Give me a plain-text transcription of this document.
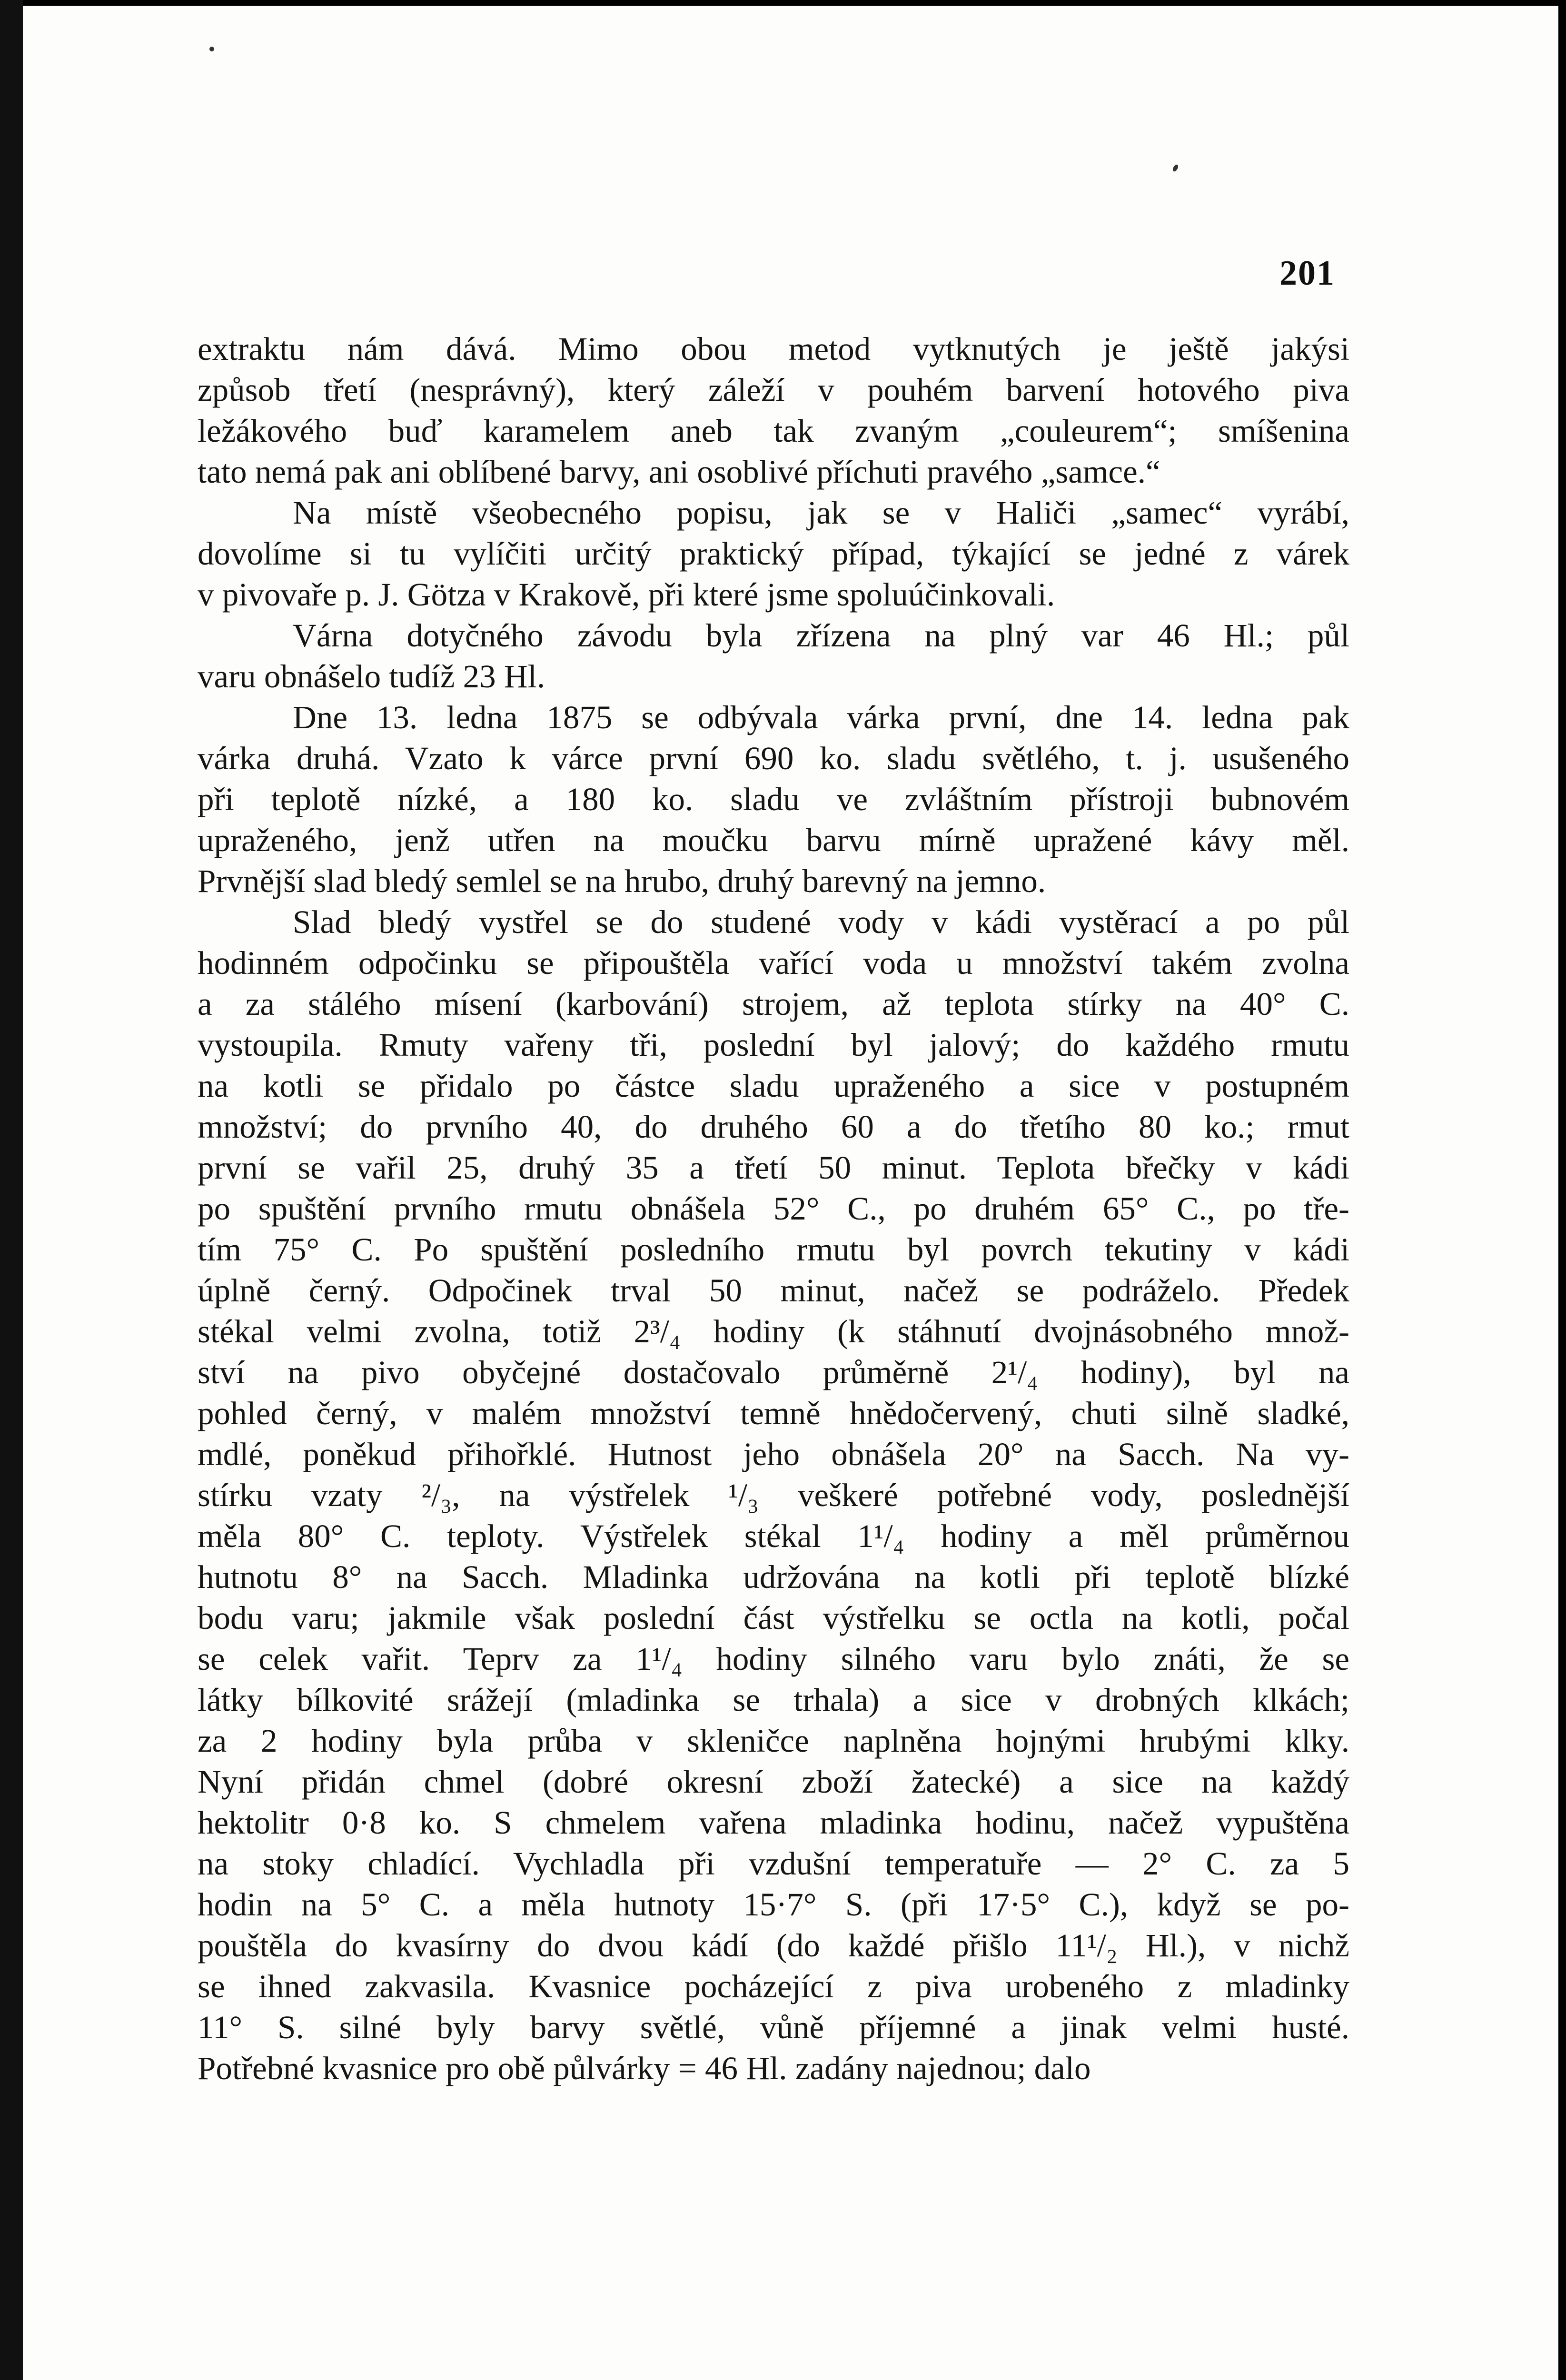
201
extraktu nám dává. Mimo obou metod vytknutých je ještě jakýsi
způsob třetí (nesprávný), který záleží v pouhém barvení hotového piva
ležákového buď karamelem aneb tak zvaným „couleurem“; smíšenina
tato nemá pak ani oblíbené barvy, ani osoblivé příchuti pravého „samce.“
Na místě všeobecného popisu, jak se v Haliči „samec“ vyrábí,
dovolíme si tu vylíčiti určitý praktický případ, týkající se jedné z várek
v pivovaře p. J. Götza v Krakově, při které jsme spoluúčinkovali.
Várna dotyčného závodu byla zřízena na plný var 46 Hl.; půl
varu obnášelo tudíž 23 Hl.
Dne 13. ledna 1875 se odbývala várka první, dne 14. ledna pak
várka druhá. Vzato k várce první 690 ko. sladu světlého, t. j. usušeného
při teplotě nízké, a 180 ko. sladu ve zvláštním přístroji bubnovém
upraženého, jenž utřen na moučku barvu mírně upražené kávy měl.
Prvnější slad bledý semlel se na hrubo, druhý barevný na jemno.
Slad bledý vystřel se do studené vody v kádi vystěrací a po půl
hodinném odpočinku se připouštěla vařící voda u množství takém zvolna
a za stálého mísení (karbování) strojem, až teplota stírky na 40° C.
vystoupila. Rmuty vařeny tři, poslední byl jalový; do každého rmutu
na kotli se přidalo po částce sladu upraženého a sice v postupném
množství; do prvního 40, do druhého 60 a do třetího 80 ko.; rmut
první se vařil 25, druhý 35 a třetí 50 minut. Teplota břečky v kádi
po spuštění prvního rmutu obnášela 52° C., po druhém 65° C., po tře-
tím 75° C. Po spuštění posledního rmutu byl povrch tekutiny v kádi
úplně černý. Odpočinek trval 50 minut, načež se podráželo. Předek
stékal velmi zvolna, totiž 2³/₄ hodiny (k stáhnutí dvojnásobného množ-
ství na pivo obyčejné dostačovalo průměrně 2¹/₄ hodiny), byl na
pohled černý, v malém množství temně hnědočervený, chuti silně sladké,
mdlé, poněkud přihořklé. Hutnost jeho obnášela 20° na Sacch. Na vy-
stírku vzaty ²/₃, na výstřelek ¹/₃ veškeré potřebné vody, poslednější
měla 80° C. teploty. Výstřelek stékal 1¹/₄ hodiny a měl průměrnou
hutnotu 8° na Sacch. Mladinka udržována na kotli při teplotě blízké
bodu varu; jakmile však poslední část výstřelku se octla na kotli, počal
se celek vařit. Teprv za 1¹/₄ hodiny silného varu bylo znáti, že se
látky bílkovité srážejí (mladinka se trhala) a sice v drobných klkách;
za 2 hodiny byla průba v skleničce naplněna hojnými hrubými klky.
Nyní přidán chmel (dobré okresní zboží žatecké) a sice na každý
hektolitr 0·8 ko. S chmelem vařena mladinka hodinu, načež vypuštěna
na stoky chladící. Vychladla při vzdušní temperatuře — 2° C. za 5
hodin na 5° C. a měla hutnoty 15·7° S. (při 17·5° C.), když se po-
pouštěla do kvasírny do dvou kádí (do každé přišlo 11¹/₂ Hl.), v nichž
se ihned zakvasila. Kvasnice pocházející z piva urobeného z mladinky
11° S. silné byly barvy světlé, vůně příjemné a jinak velmi husté.
Potřebné kvasnice pro obě půlvárky = 46 Hl. zadány najednou; dalo
